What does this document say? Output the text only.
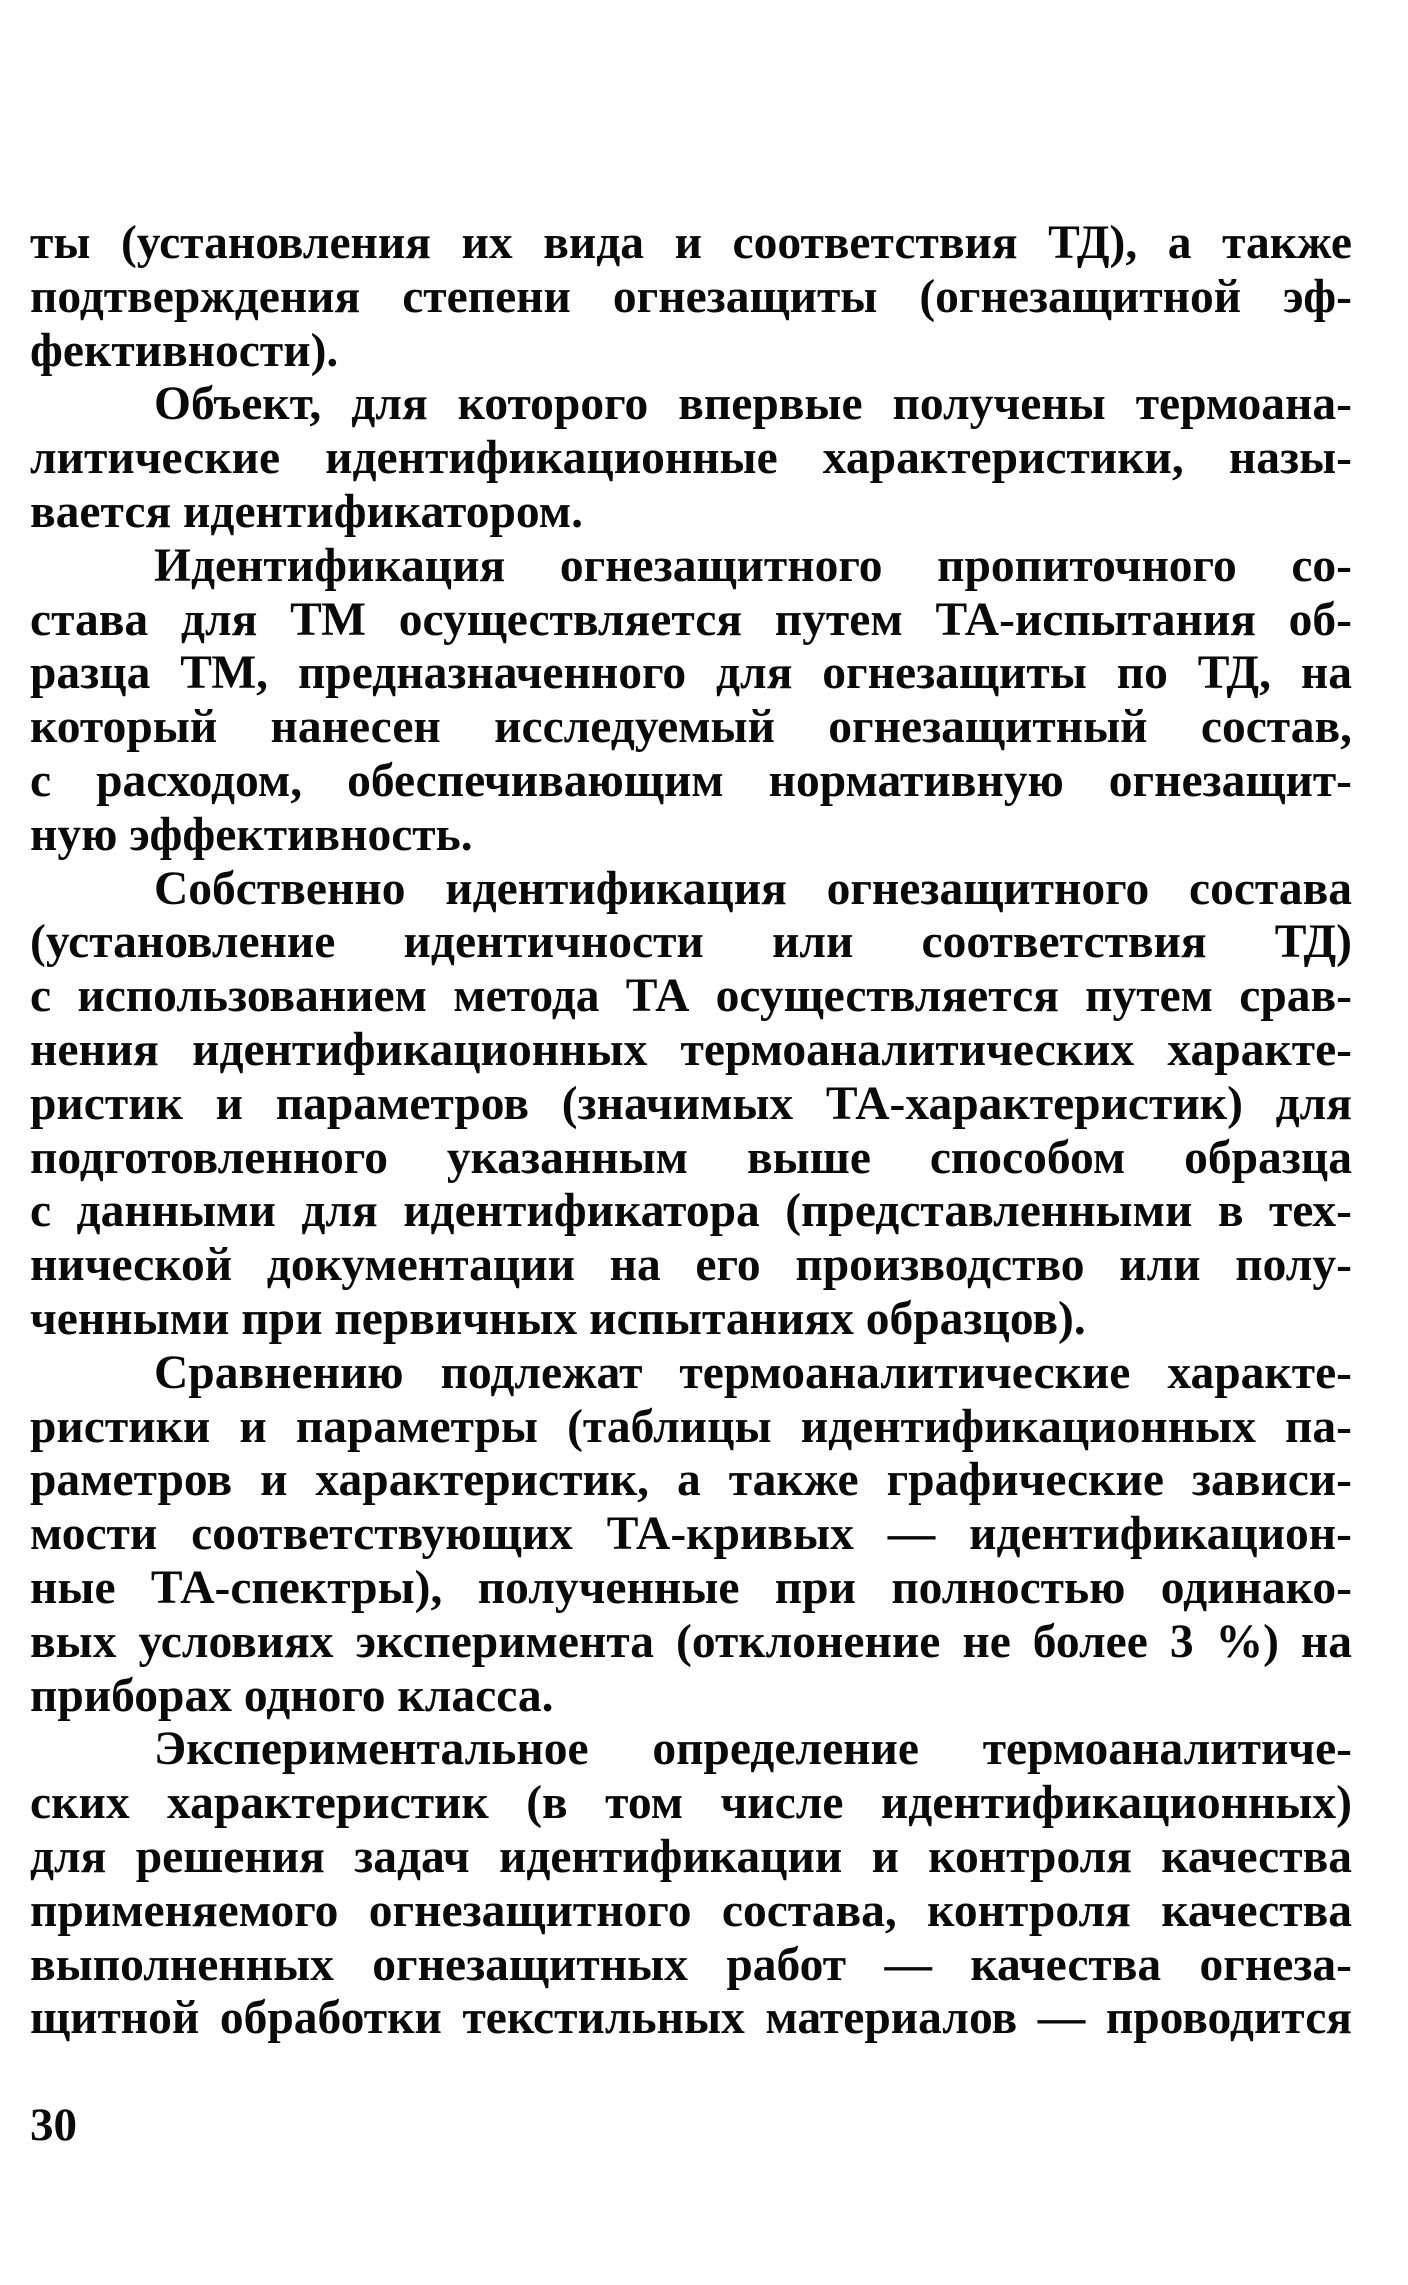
ты (установления их вида и соответствия ТД), а также
подтверждения степени огнезащиты (огнезащитной эф-
фективности).
Объект, для которого впервые получены термоана-
литические идентификационные характеристики, назы-
вается идентификатором.
Идентификация огнезащитного пропиточного со-
става для ТМ осуществляется путем ТА-испытания об-
разца ТМ, предназначенного для огнезащиты по ТД, на
который нанесен исследуемый огнезащитный состав,
с расходом, обеспечивающим нормативную огнезащит-
ную эффективность.
Собственно идентификация огнезащитного состава
(установление идентичности или соответствия ТД)
с использованием метода ТА осуществляется путем срав-
нения идентификационных термоаналитических характе-
ристик и параметров (значимых ТА-характеристик) для
подготовленного указанным выше способом образца
с данными для идентификатора (представленными в тех-
нической документации на его производство или полу-
ченными при первичных испытаниях образцов).
Сравнению подлежат термоаналитические характе-
ристики и параметры (таблицы идентификационных па-
раметров и характеристик, а также графические зависи-
мости соответствующих ТА-кривых — идентификацион-
ные ТА-спектры), полученные при полностью одинако-
вых условиях эксперимента (отклонение не более 3 %) на
приборах одного класса.
Экспериментальное определение термоаналитиче-
ских характеристик (в том числе идентификационных)
для решения задач идентификации и контроля качества
применяемого огнезащитного состава, контроля качества
выполненных огнезащитных работ — качества огнеза-
щитной обработки текстильных материалов — проводится
30
